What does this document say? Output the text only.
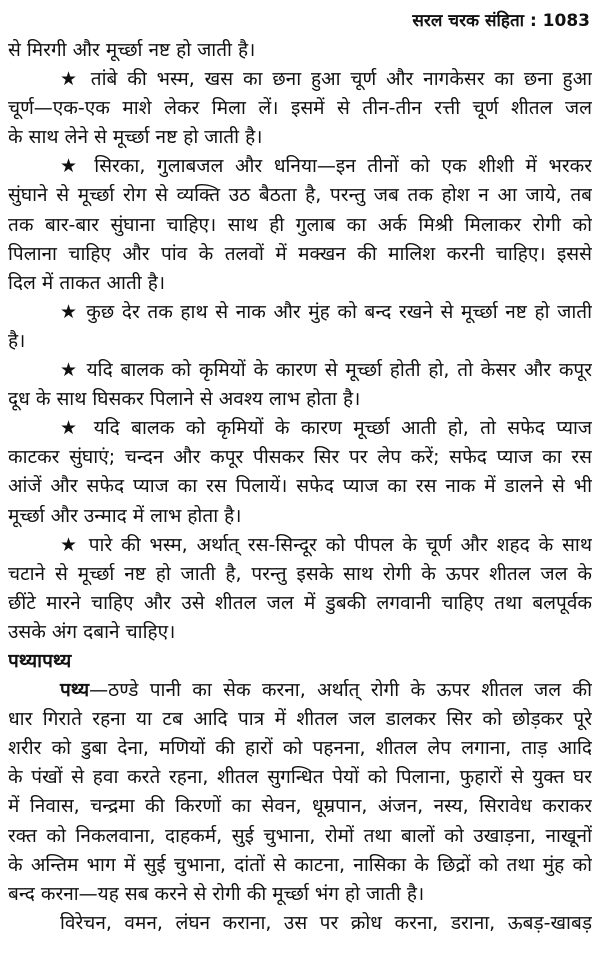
सरल चरक संहिता : 1083
से मिरगी और मूर्च्छा नष्ट हो जाती है।
★ तांबे की भस्म, खस का छना हुआ चूर्ण और नागकेसर का छना हुआ
चूर्ण—एक-एक माशे लेकर मिला लें। इसमें से तीन-तीन रत्ती चूर्ण शीतल जल
के साथ लेने से मूर्च्छा नष्ट हो जाती है।
★ सिरका, गुलाबजल और धनिया—इन तीनों को एक शीशी में भरकर
सुंघाने से मूर्च्छा रोग से व्यक्ति उठ बैठता है, परन्तु जब तक होश न आ जाये, तब
तक बार-बार सुंघाना चाहिए। साथ ही गुलाब का अर्क मिश्री मिलाकर रोगी को
पिलाना चाहिए और पांव के तलवों में मक्खन की मालिश करनी चाहिए। इससे
दिल में ताकत आती है।
★ कुछ देर तक हाथ से नाक और मुंह को बन्द रखने से मूर्च्छा नष्ट हो जाती
है।
★ यदि बालक को कृमियों के कारण से मूर्च्छा होती हो, तो केसर और कपूर
दूध के साथ घिसकर पिलाने से अवश्य लाभ होता है।
★ यदि बालक को कृमियों के कारण मूर्च्छा आती हो, तो सफेद प्याज
काटकर सुंघाएं; चन्दन और कपूर पीसकर सिर पर लेप करें; सफेद प्याज का रस
आंजें और सफेद प्याज का रस पिलायें। सफेद प्याज का रस नाक में डालने से भी
मूर्च्छा और उन्माद में लाभ होता है।
★ पारे की भस्म, अर्थात् रस-सिन्दूर को पीपल के चूर्ण और शहद के साथ
चटाने से मूर्च्छा नष्ट हो जाती है, परन्तु इसके साथ रोगी के ऊपर शीतल जल के
छींटे मारने चाहिए और उसे शीतल जल में डुबकी लगवानी चाहिए तथा बलपूर्वक
उसके अंग दबाने चाहिए।
पथ्यापथ्य
पथ्य—ठण्डे पानी का सेक करना, अर्थात् रोगी के ऊपर शीतल जल की
धार गिराते रहना या टब आदि पात्र में शीतल जल डालकर सिर को छोड़कर पूरे
शरीर को डुबा देना, मणियों की हारों को पहनना, शीतल लेप लगाना, ताड़ आदि
के पंखों से हवा करते रहना, शीतल सुगन्धित पेयों को पिलाना, फुहारों से युक्त घर
में निवास, चन्द्रमा की किरणों का सेवन, धूम्रपान, अंजन, नस्य, सिरावेध कराकर
रक्त को निकलवाना, दाहकर्म, सुई चुभाना, रोमों तथा बालों को उखाड़ना, नाखूनों
के अन्तिम भाग में सुई चुभाना, दांतों से काटना, नासिका के छिद्रों को तथा मुंह को
बन्द करना—यह सब करने से रोगी की मूर्च्छा भंग हो जाती है।
विरेचन, वमन, लंघन कराना, उस पर क्रोध करना, डराना, ऊबड़-खाबड़
